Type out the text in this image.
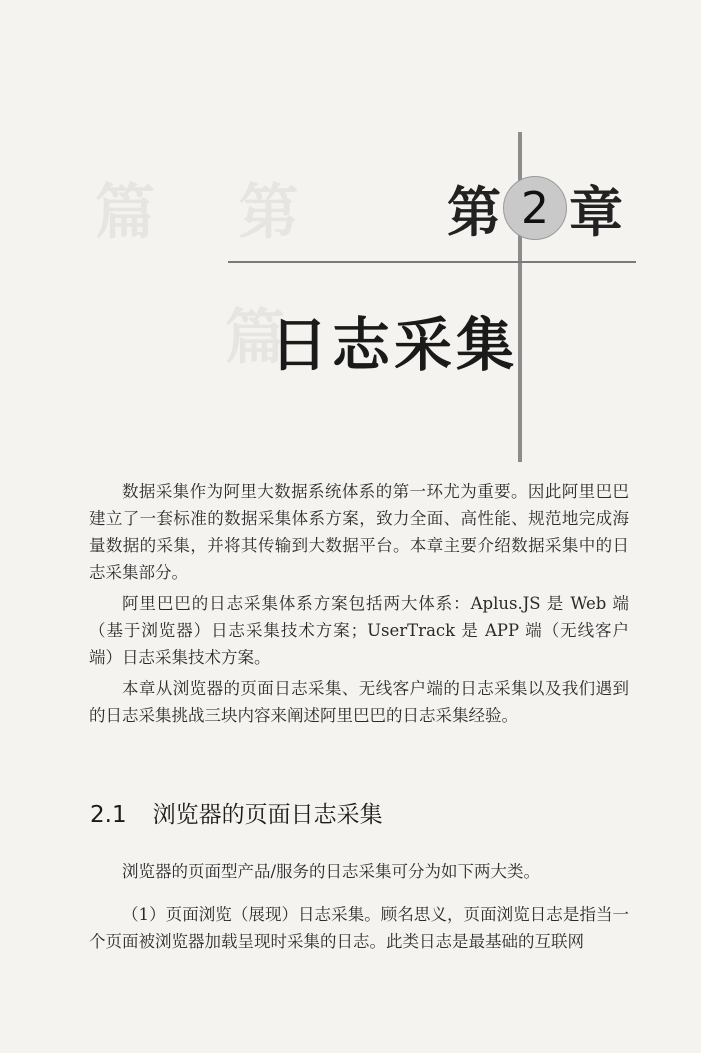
篇    第
篇
第 2 章
日志采集

数据采集作为阿里大数据系统体系的第一环尤为重要。因此阿里巴巴建立了一套标准的数据采集体系方案，致力全面、高性能、规范地完成海量数据的采集，并将其传输到大数据平台。本章主要介绍数据采集中的日志采集部分。

阿里巴巴的日志采集体系方案包括两大体系：Aplus.JS 是 Web 端（基于浏览器）日志采集技术方案；UserTrack 是 APP 端（无线客户端）日志采集技术方案。

本章从浏览器的页面日志采集、无线客户端的日志采集以及我们遇到的日志采集挑战三块内容来阐述阿里巴巴的日志采集经验。

2.1 浏览器的页面日志采集

浏览器的页面型产品/服务的日志采集可分为如下两大类。

（1）页面浏览（展现）日志采集。顾名思义，页面浏览日志是指当一个页面被浏览器加载呈现时采集的日志。此类日志是最基础的互联网
